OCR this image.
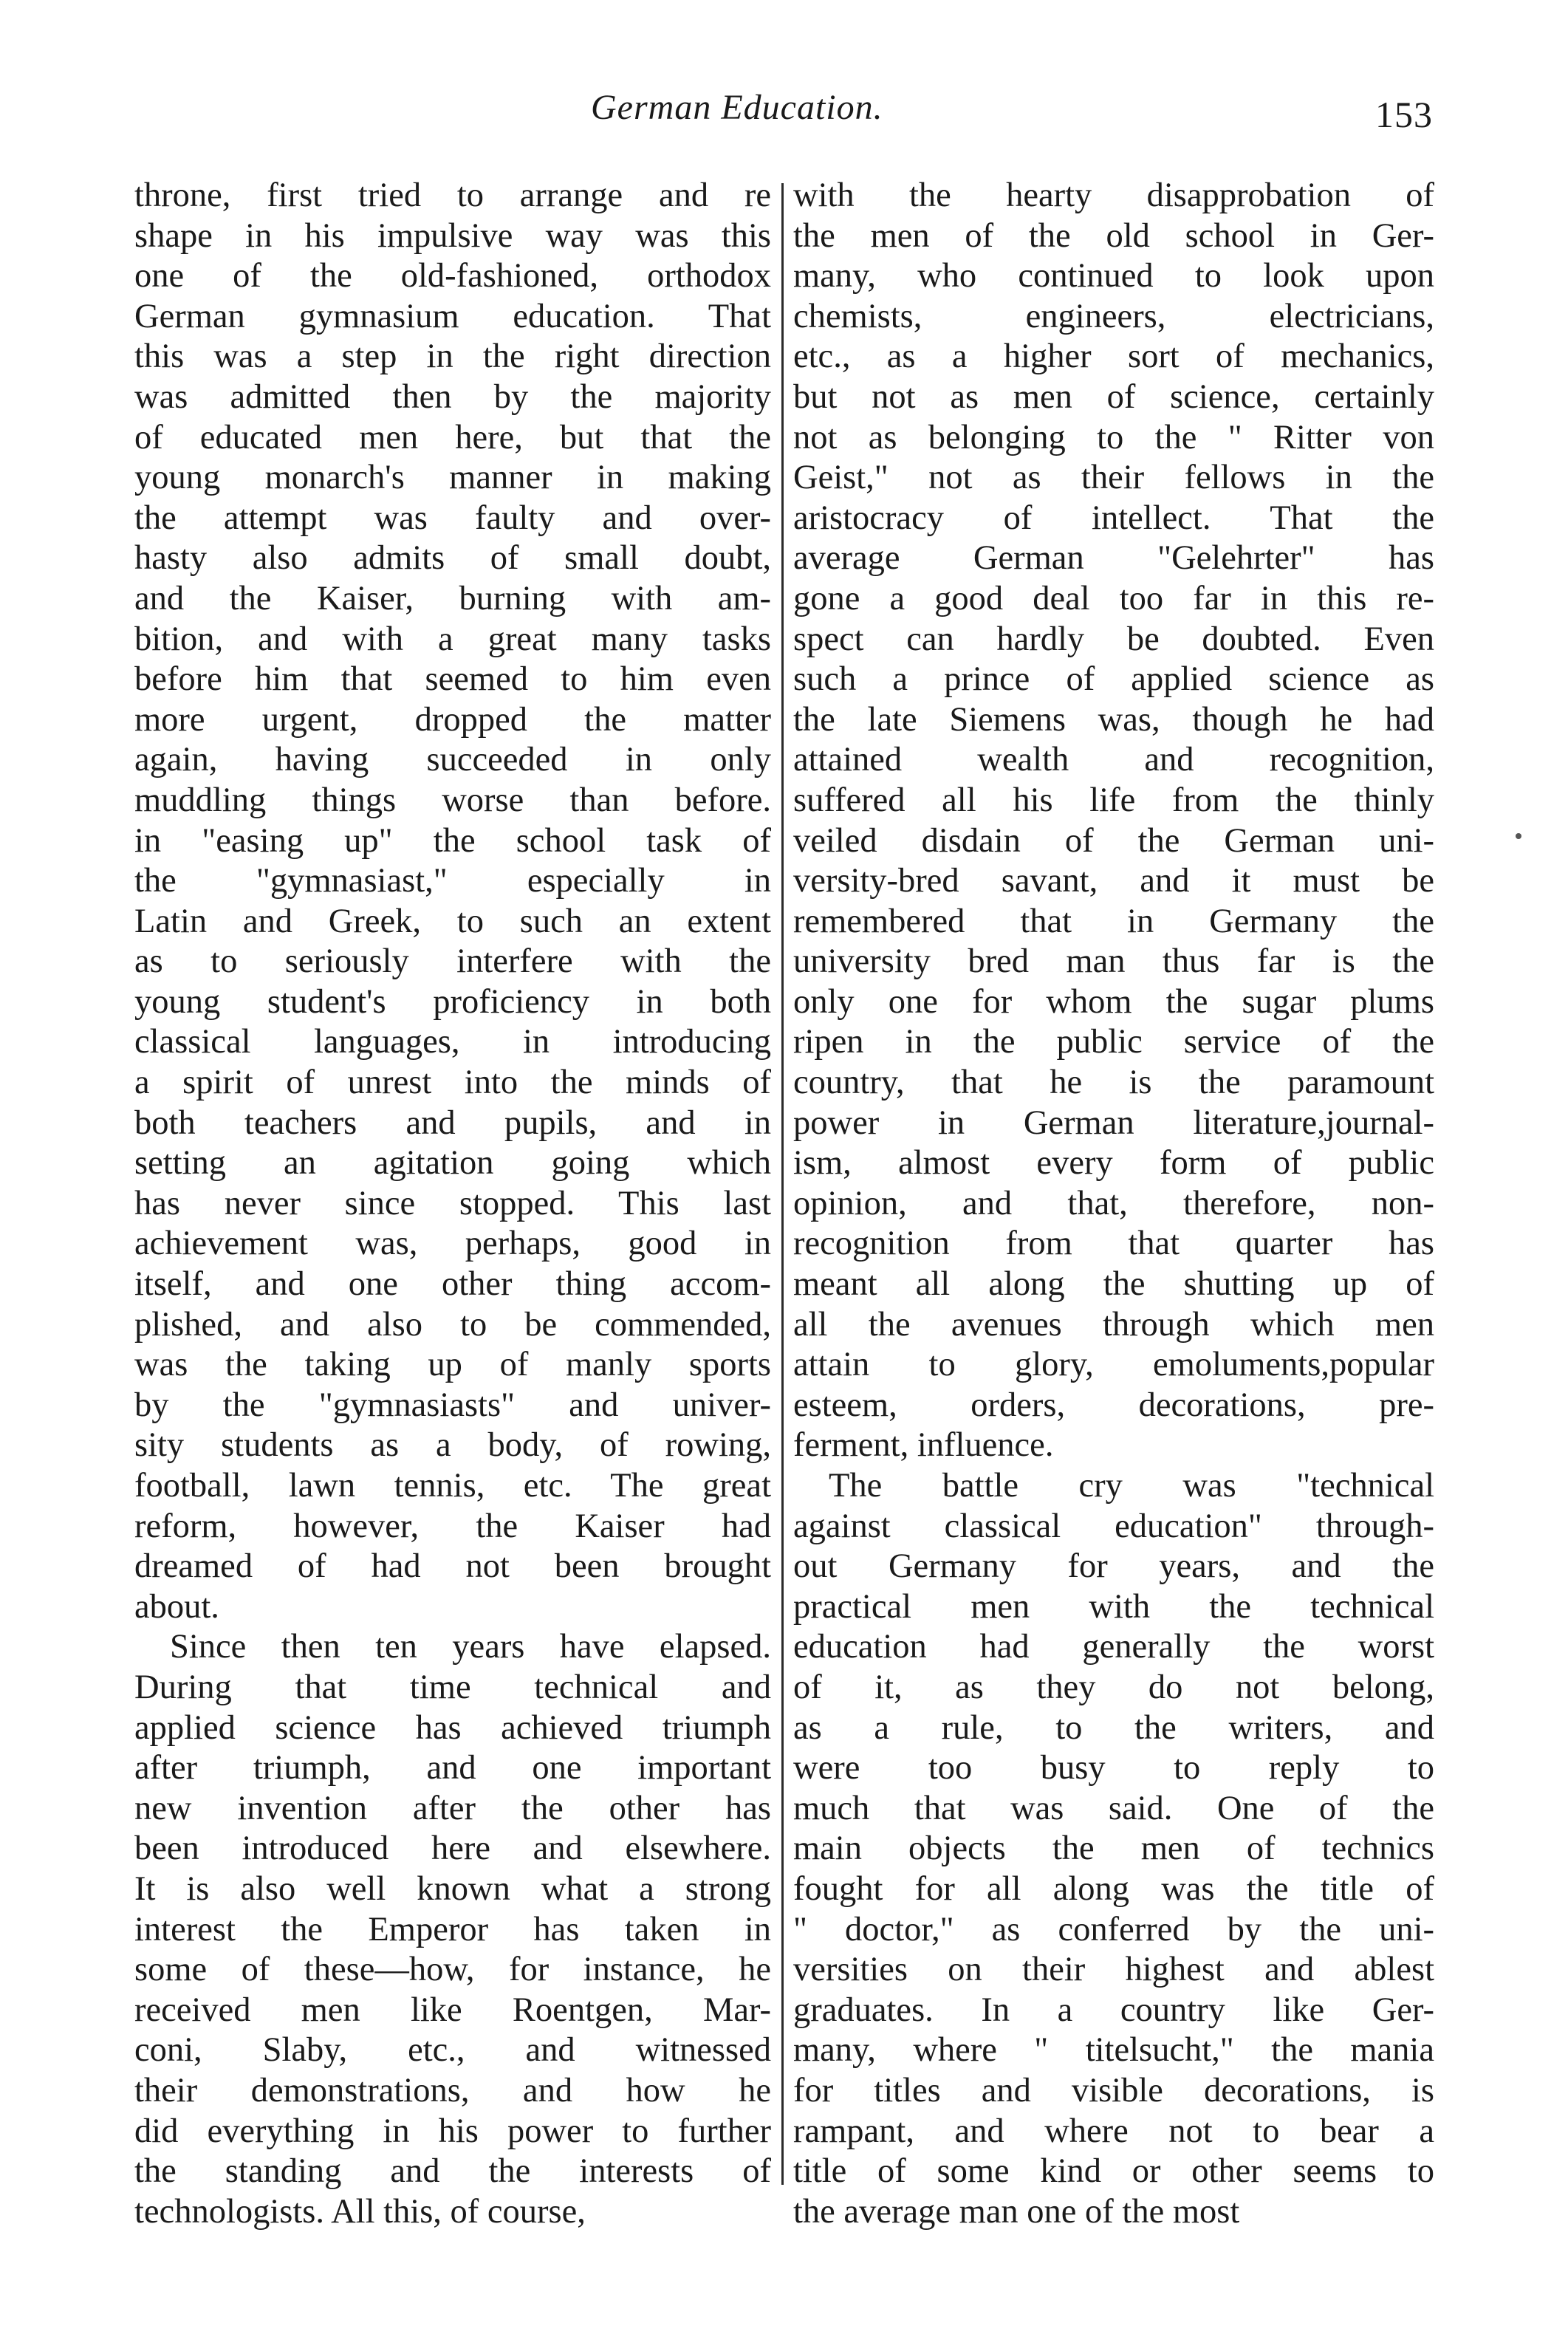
German Education.	153
throne, first tried to arrange and re
shape in his impulsive way was this
one of the old-fashioned, orthodox
German gymnasium education. That
this was a step in the right direction
was admitted then by the majority
of educated men here, but that the
young monarch's manner in making
the attempt was faulty and over-
hasty also admits of small doubt,
and the Kaiser, burning with am-
bition, and with a great many tasks
before him that seemed to him even
more urgent, dropped the matter
again, having succeeded in only
muddling things worse than before.
in "easing up" the school task of
the "gymnasiast," especially in
Latin and Greek, to such an extent
as to seriously interfere with the
young student's proficiency in both
classical languages, in introducing
a spirit of unrest into the minds of
both teachers and pupils, and in
setting an agitation going which
has never since stopped. This last
achievement was, perhaps, good in
itself, and one other thing accom-
plished, and also to be commended,
was the taking up of manly sports
by the "gymnasiasts" and univer-
sity students as a body, of rowing,
football, lawn tennis, etc. The great
reform, however, the Kaiser had
dreamed of had not been brought
about.
Since then ten years have elapsed.
During that time technical and
applied science has achieved triumph
after triumph, and one important
new invention after the other has
been introduced here and elsewhere.
It is also well known what a strong
interest the Emperor has taken in
some of these—how, for instance, he
received men like Roentgen, Mar-
coni, Slaby, etc., and witnessed
their demonstrations, and how he
did everything in his power to further
the standing and the interests of
technologists. All this, of course,
with the hearty disapprobation of
the men of the old school in Ger-
many, who continued to look upon
chemists, engineers, electricians,
etc., as a higher sort of mechanics,
but not as men of science, certainly
not as belonging to the " Ritter von
Geist," not as their fellows in the
aristocracy of intellect. That the
average German "Gelehrter" has
gone a good deal too far in this re-
spect can hardly be doubted. Even
such a prince of applied science as
the late Siemens was, though he had
attained wealth and recognition,
suffered all his life from the thinly
veiled disdain of the German uni-
versity-bred savant, and it must be
remembered that in Germany the
university bred man thus far is the
only one for whom the sugar plums
ripen in the public service of the
country, that he is the paramount
power in German literature,journal-
ism, almost every form of public
opinion, and that, therefore, non-
recognition from that quarter has
meant all along the shutting up of
all the avenues through which men
attain to glory, emoluments,popular
esteem, orders, decorations, pre-
ferment, influence.
The battle cry was "technical
against classical education" through-
out Germany for years, and the
practical men with the technical
education had generally the worst
of it, as they do not belong,
as a rule, to the writers, and
were too busy to reply to
much that was said. One of the
main objects the men of technics
fought for all along was the title of
" doctor," as conferred by the uni-
versities on their highest and ablest
graduates. In a country like Ger-
many, where " titelsucht," the mania
for titles and visible decorations, is
rampant, and where not to bear a
title of some kind or other seems to
the average man one of the most
